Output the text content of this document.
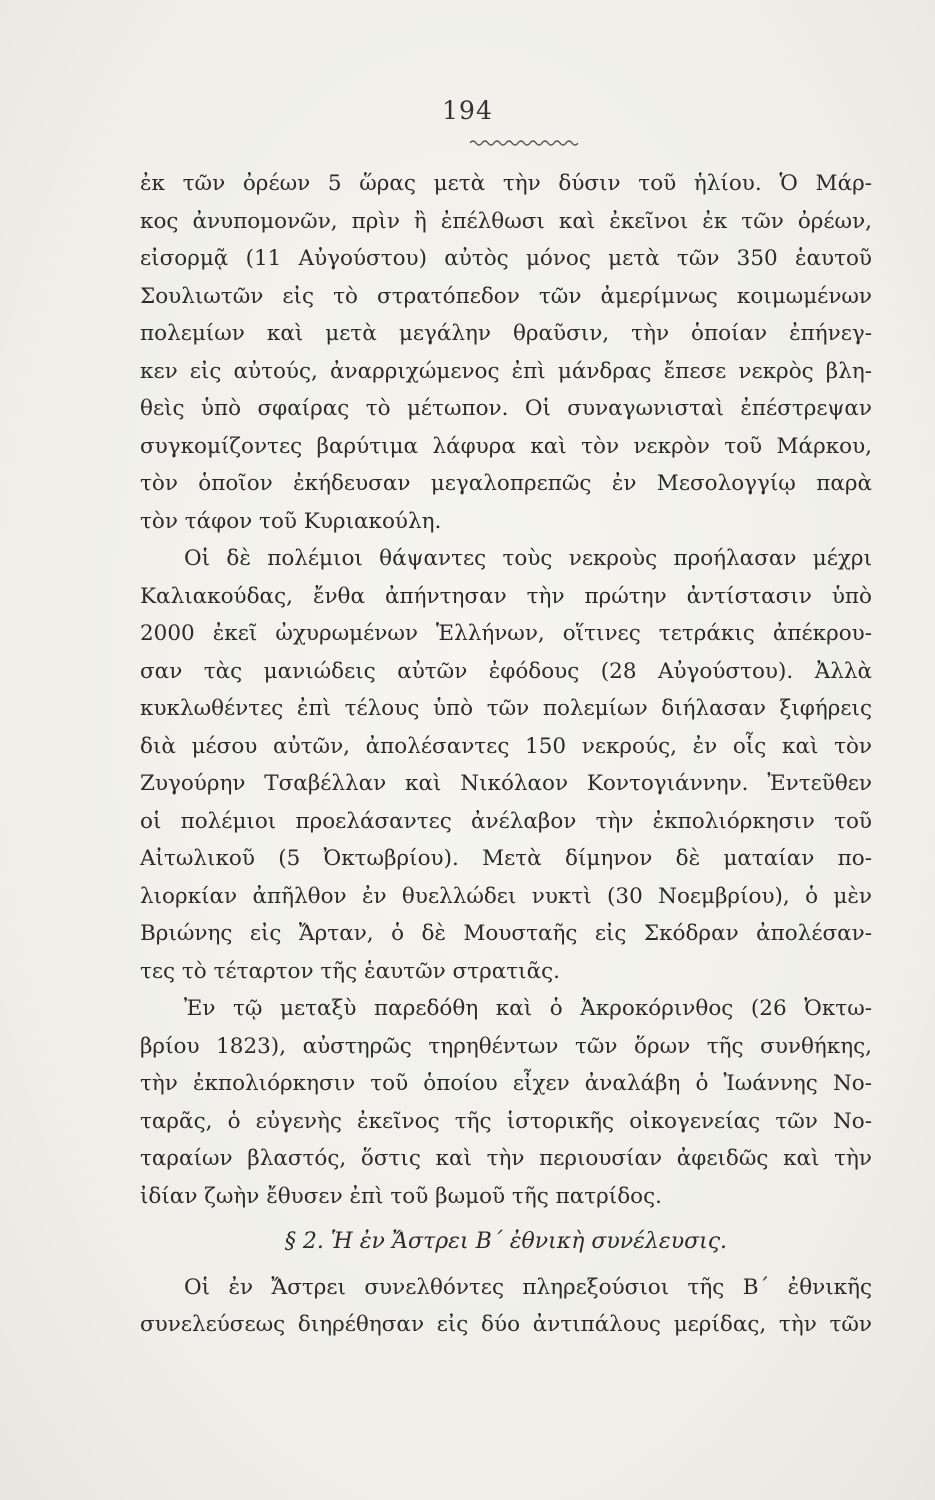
194
ἐκ τῶν ὀρέων 5 ὥρας μετὰ τὴν δύσιν τοῦ ἡλίου. Ὁ Μάρ-
κος ἀνυπομονῶν, πρὶν ἢ ἐπέλθωσι καὶ ἐκεῖνοι ἐκ τῶν ὀρέων,
εἰσορμᾷ (11 Αὐγούστου) αὐτὸς μόνος μετὰ τῶν 350 ἑαυτοῦ
Σουλιωτῶν εἰς τὸ στρατόπεδον τῶν ἀμερίμνως κοιμωμένων
πολεμίων καὶ μετὰ μεγάλην θραῦσιν, τὴν ὁποίαν ἐπήνεγ-
κεν εἰς αὐτούς, ἀναρριχώμενος ἐπὶ μάνδρας ἔπεσε νεκρὸς βλη-
θεὶς ὑπὸ σφαίρας τὸ μέτωπον. Οἱ συναγωνισταὶ ἐπέστρεψαν
συγκομίζοντες βαρύτιμα λάφυρα καὶ τὸν νεκρὸν τοῦ Μάρκου,
τὸν ὁποῖον ἐκήδευσαν μεγαλοπρεπῶς ἐν Μεσολογγίῳ παρὰ
τὸν τάφον τοῦ Κυριακούλη.
Οἱ δὲ πολέμιοι θάψαντες τοὺς νεκροὺς προήλασαν μέχρι
Καλιακούδας, ἔνθα ἀπήντησαν τὴν πρώτην ἀντίστασιν ὑπὸ
2000 ἐκεῖ ὠχυρωμένων Ἑλλήνων, οἵτινες τετράκις ἀπέκρου-
σαν τὰς μανιώδεις αὐτῶν ἐφόδους (28 Αὐγούστου). Ἀλλὰ
κυκλωθέντες ἐπὶ τέλους ὑπὸ τῶν πολεμίων διήλασαν ξιφήρεις
διὰ μέσου αὐτῶν, ἀπολέσαντες 150 νεκρούς, ἐν οἷς καὶ τὸν
Ζυγούρην Τσαβέλλαν καὶ Νικόλαον Κοντογιάννην. Ἐντεῦθεν
οἱ πολέμιοι προελάσαντες ἀνέλαβον τὴν ἐκπολιόρκησιν τοῦ
Αἰτωλικοῦ (5 Ὀκτωβρίου). Μετὰ δίμηνον δὲ ματαίαν πο-
λιορκίαν ἀπῆλθον ἐν θυελλώδει νυκτὶ (30 Νοεμβρίου), ὁ μὲν
Βριώνης εἰς Ἄρταν, ὁ δὲ Μουσταῆς εἰς Σκόδραν ἀπολέσαν-
τες τὸ τέταρτον τῆς ἑαυτῶν στρατιᾶς.
Ἐν τῷ μεταξὺ παρεδόθη καὶ ὁ Ἀκροκόρινθος (26 Ὀκτω-
βρίου 1823), αὐστηρῶς τηρηθέντων τῶν ὅρων τῆς συνθήκης,
τὴν ἐκπολιόρκησιν τοῦ ὁποίου εἶχεν ἀναλάβη ὁ Ἰωάννης Νο-
ταρᾶς, ὁ εὐγενὴς ἐκεῖνος τῆς ἱστορικῆς οἰκογενείας τῶν Νο-
ταραίων βλαστός, ὅστις καὶ τὴν περιουσίαν ἀφειδῶς καὶ τὴν
ἰδίαν ζωὴν ἔθυσεν ἐπὶ τοῦ βωμοῦ τῆς πατρίδος.
§ 2. Ἡ ἐν Ἄστρει Β΄ ἐθνικὴ συνέλευσις.
Οἱ ἐν Ἄστρει συνελθόντες πληρεξούσιοι τῆς Β΄ ἐθνικῆς
συνελεύσεως διηρέθησαν εἰς δύο ἀντιπάλους μερίδας, τὴν τῶν
